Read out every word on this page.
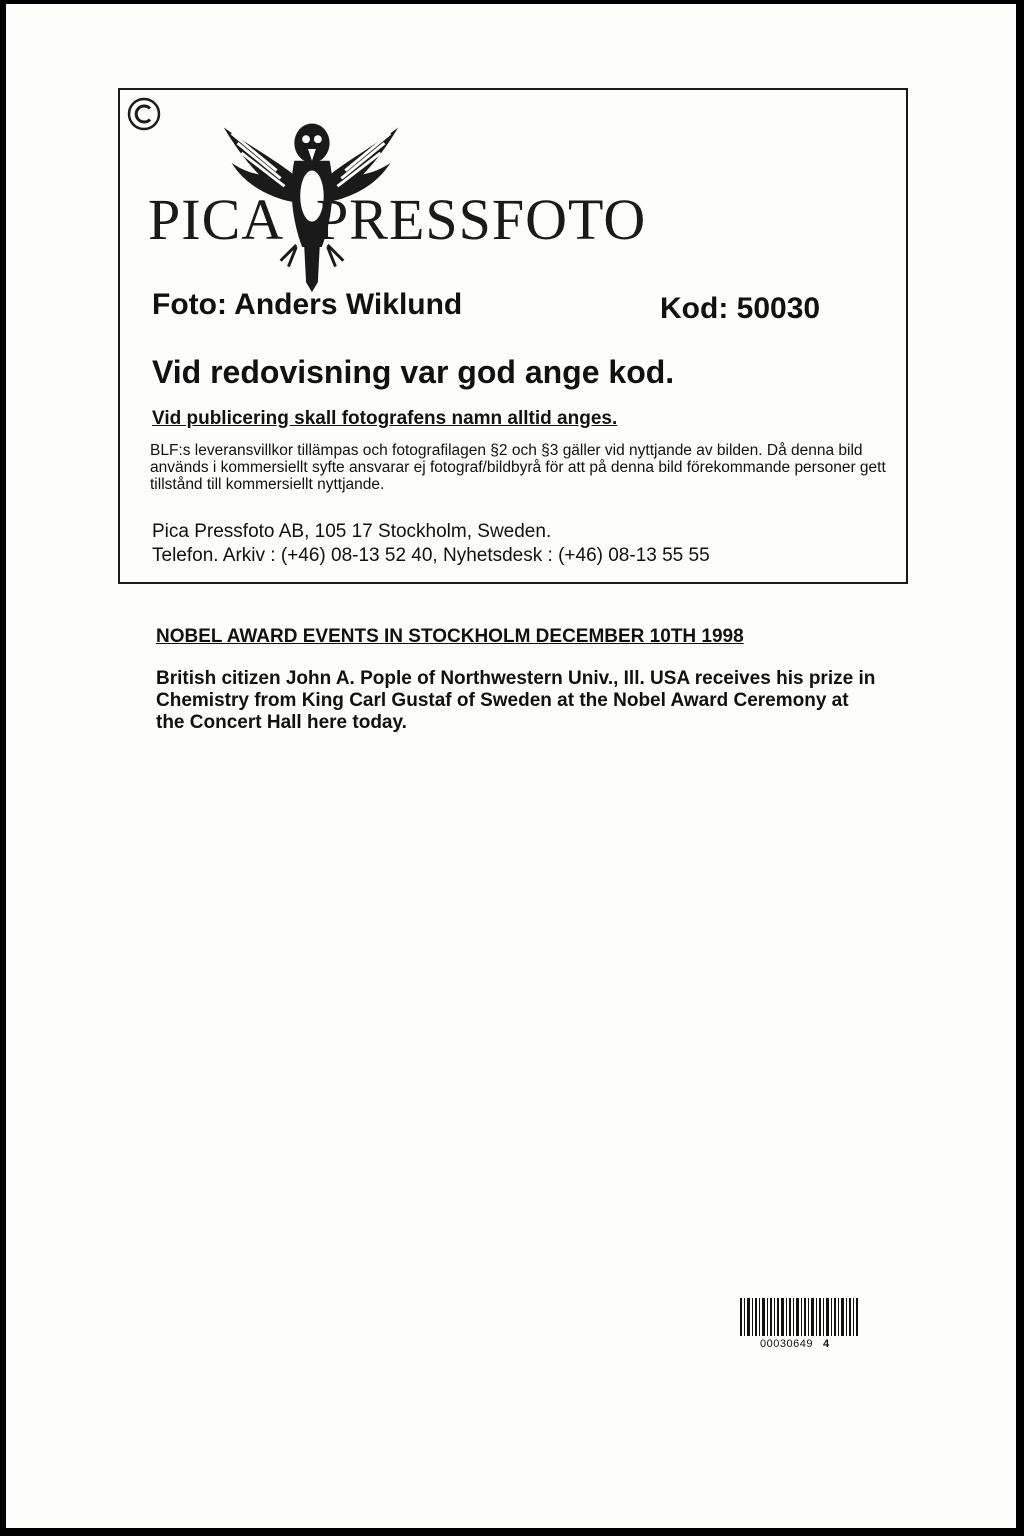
PICA PRESSFOTO
Foto: Anders Wiklund	Kod: 50030
Vid redovisning var god ange kod.
Vid publicering skall fotografens namn alltid anges.
BLF:s leveransvillkor tillämpas och fotografilagen §2 och §3 gäller vid nyttjande av bilden. Då denna bild används i kommersiellt syfte ansvarar ej fotograf/bildbyrå för att på denna bild förekommande personer gett tillstånd till kommersiellt nyttjande.
Pica Pressfoto AB, 105 17 Stockholm, Sweden.
Telefon. Arkiv : (+46) 08-13 52 40, Nyhetsdesk : (+46) 08-13 55 55
NOBEL AWARD EVENTS IN STOCKHOLM DECEMBER 10TH 1998
British citizen John A. Pople of Northwestern Univ., Ill. USA receives his prize in Chemistry from King Carl Gustaf of Sweden at the Nobel Award Ceremony at the Concert Hall here today.
00030649 4
